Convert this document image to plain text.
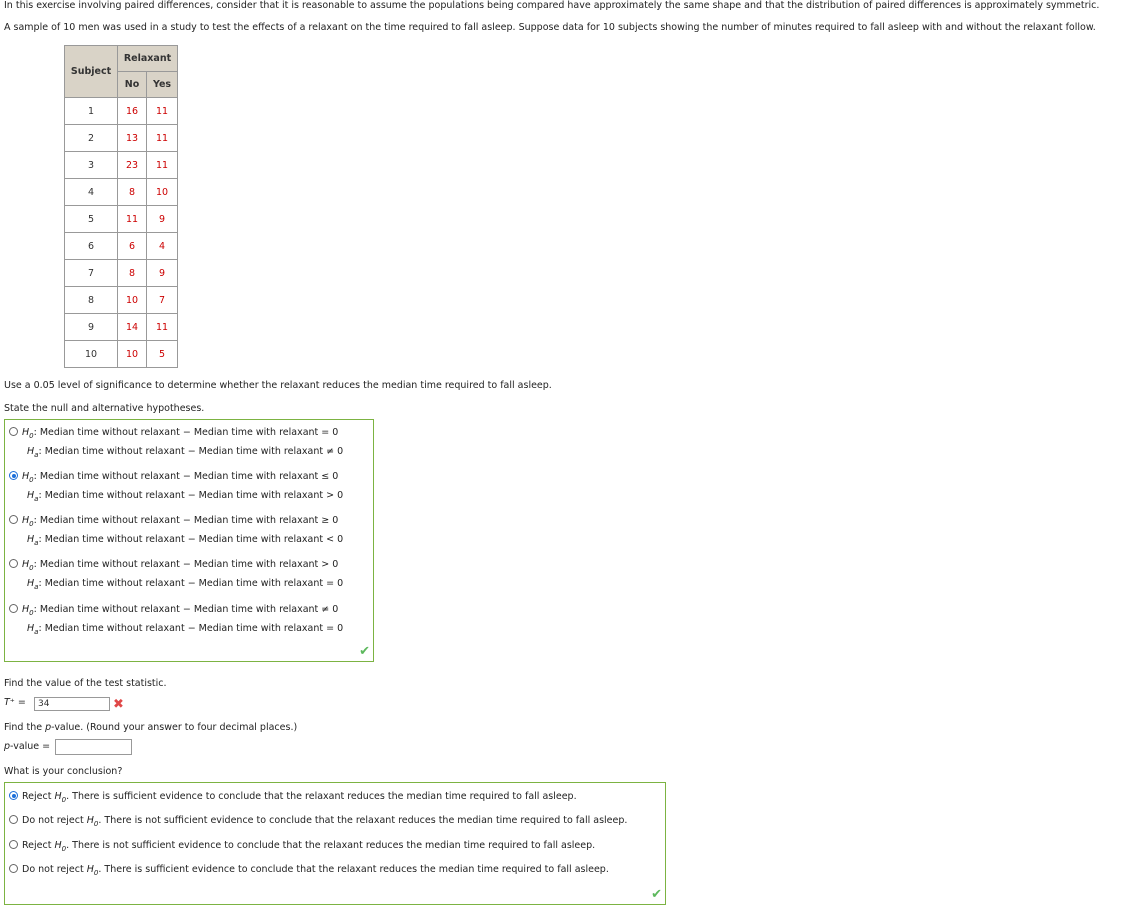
In this exercise involving paired differences, consider that it is reasonable to assume the populations being compared have approximately the same shape and that the distribution of paired differences is approximately symmetric.
A sample of 10 men was used in a study to test the effects of a relaxant on the time required to fall asleep. Suppose data for 10 subjects showing the number of minutes required to fall asleep with and without the relaxant follow.
Subject	Relaxant	
	No	Yes
1	16	11
2	13	11
3	23	11
4	8	10
5	11	9
6	6	4
7	8	9
8	10	7
9	14	11
10	10	5
Use a 0.05 level of significance to determine whether the relaxant reduces the median time required to fall asleep.
State the null and alternative hypotheses.
$H_0$: Median time without relaxant − Median time with relaxant = 0
$H_a$: Median time without relaxant − Median time with relaxant ≠ 0
$H_0$: Median time without relaxant − Median time with relaxant ≤ 0
$H_a$: Median time without relaxant − Median time with relaxant > 0
$H_0$: Median time without relaxant − Median time with relaxant ≥ 0
$H_a$: Median time without relaxant − Median time with relaxant < 0
$H_0$: Median time without relaxant − Median time with relaxant > 0
$H_a$: Median time without relaxant − Median time with relaxant = 0
$H_0$: Median time without relaxant − Median time with relaxant ≠ 0
$H_a$: Median time without relaxant − Median time with relaxant = 0
✔
Find the value of the test statistic.
T⁺ =	34	✖
Find the p-value. (Round your answer to four decimal places.)
p-value =
What is your conclusion?
Reject $H_0$. There is sufficient evidence to conclude that the relaxant reduces the median time required to fall asleep.
Do not reject $H_0$. There is not sufficient evidence to conclude that the relaxant reduces the median time required to fall asleep.
Reject $H_0$. There is not sufficient evidence to conclude that the relaxant reduces the median time required to fall asleep.
Do not reject $H_0$. There is sufficient evidence to conclude that the relaxant reduces the median time required to fall asleep.
✔
